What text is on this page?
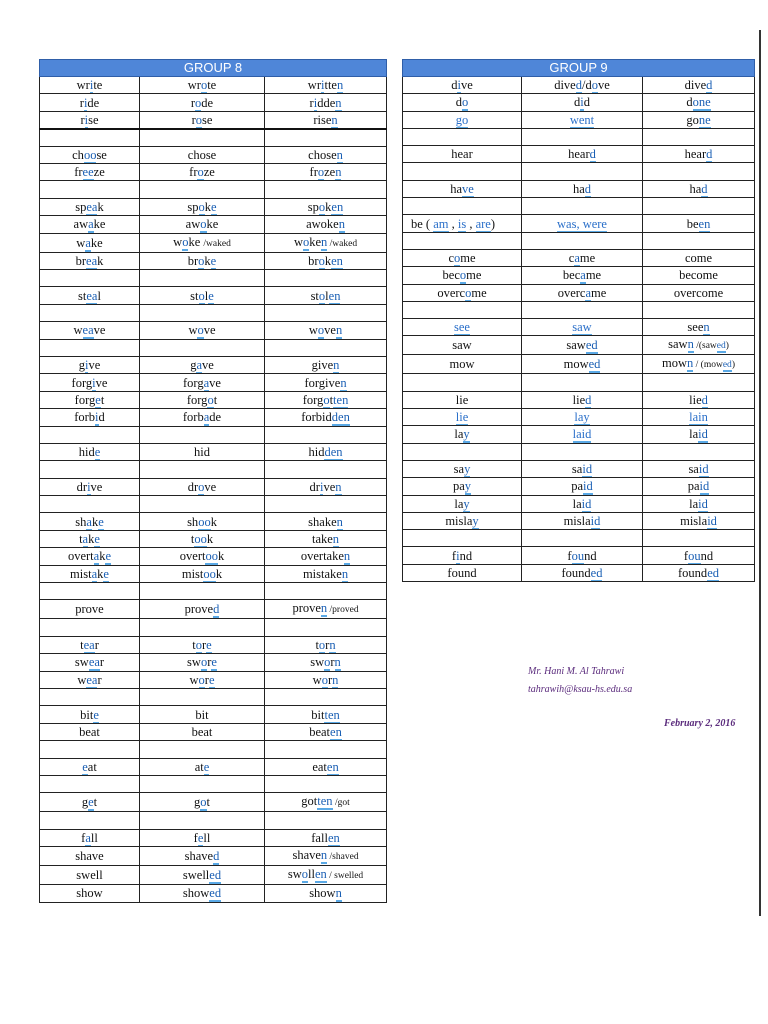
GROUP 8		
write	wrote	written
ride	rode	ridden
rise	rose	risen

choose	chose	chosen
freeze	froze	frozen

speak	spoke	spoken
awake	awoke	awoken
wake	woke /waked	woken /waked
break	broke	broken

steal	stole	stolen

weave	wove	woven

give	gave	given
forgive	forgave	forgiven
forget	forgot	forgotten
forbid	forbade	forbidden

hide	hid	hidden

drive	drove	driven

shake	shook	shaken
take	took	taken
overtake	overtook	overtaken
mistake	mistook	mistaken

prove	proved	proven /proved

tear	tore	torn
swear	swore	sworn
wear	wore	worn

bite	bit	bitten
beat	beat	beaten

eat	ate	eaten

get	got	gotten /got

fall	fell	fallen
shave	shaved	shaven /shaved
swell	swelled	swollen / swelled
show	showed	shown
GROUP 9		
dive	dived/dove	dived
do	did	done
go	went	gone

hear	heard	heard

have	had	had

be ( am , is , are)	was, were	been

come	came	come
become	became	become
overcome	overcame	overcome

see	saw	seen
saw	sawed	sawn /(sawed)
mow	mowed	mown / (mowed)

lie	lied	lied
lie	lay	lain
lay	laid	laid

say	said	said
pay	paid	paid
lay	laid	laid
mislay	mislaid	mislaid

find	found	found
found	founded	founded
Mr. Hani M. Al Tahrawi
tahrawih@ksau-hs.edu.sa
February 2, 2016
